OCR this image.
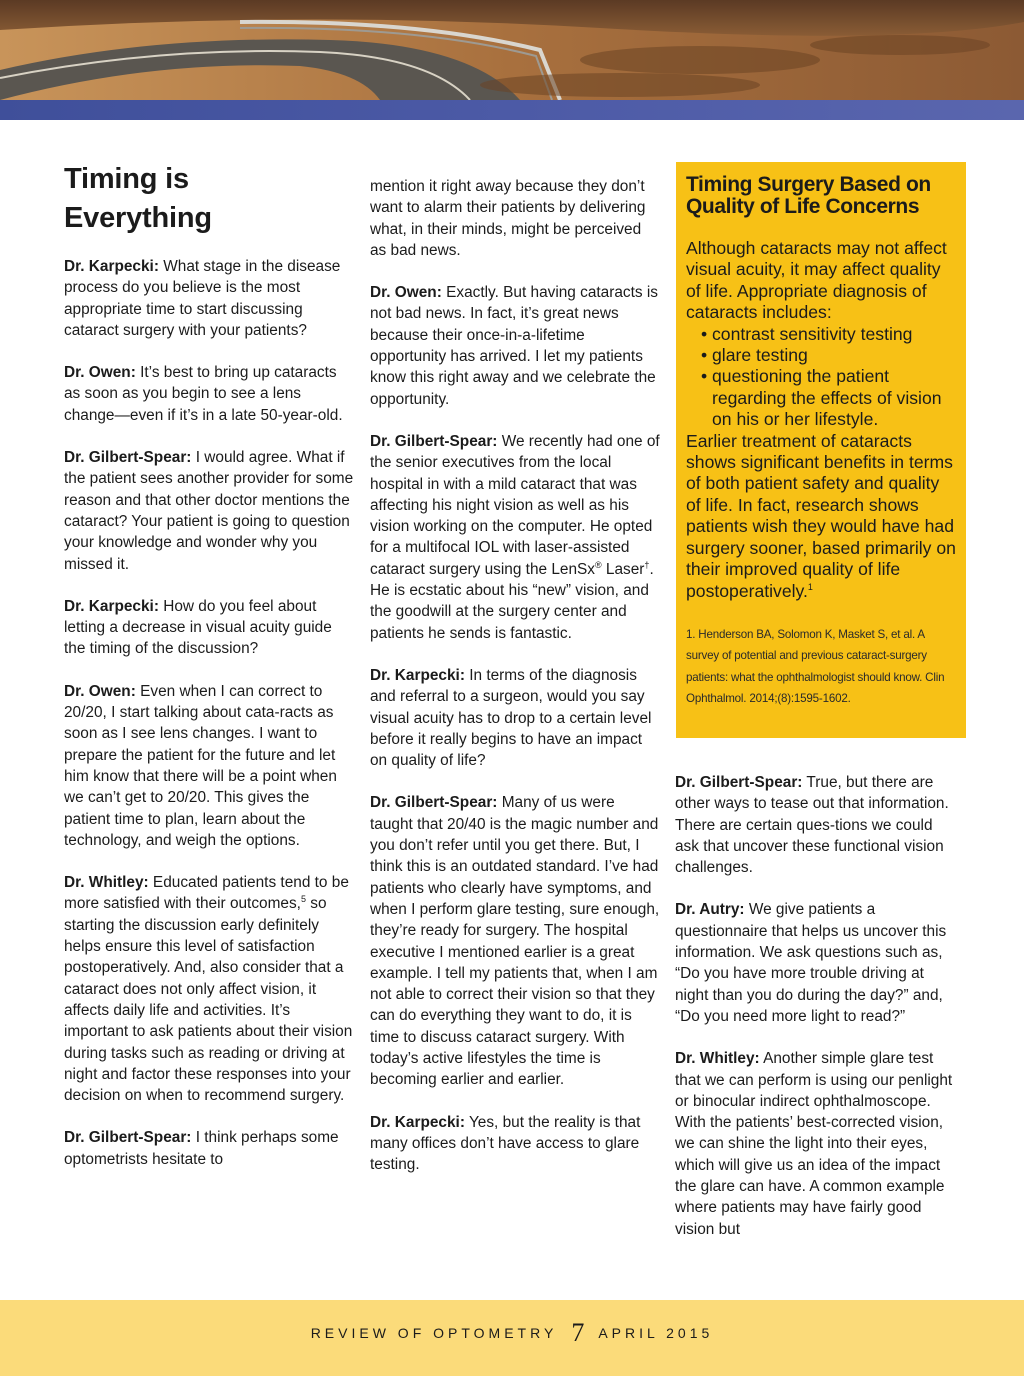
Timing is
Everything

Dr. Karpecki: What stage in the disease process do you believe is the most appropriate time to start discussing cataract surgery with your patients?

Dr. Owen: It’s best to bring up cataracts as soon as you begin to see a lens change—even if it’s in a late 50-year-old.

Dr. Gilbert-Spear: I would agree. What if the patient sees another provider for some reason and that other doctor mentions the cataract? Your patient is going to question your knowledge and wonder why you missed it.

Dr. Karpecki: How do you feel about letting a decrease in visual acuity guide the timing of the discussion?

Dr. Owen: Even when I can correct to 20/20, I start talking about cata-racts as soon as I see lens changes. I want to prepare the patient for the future and let him know that there will be a point when we can’t get to 20/20. This gives the patient time to plan, learn about the technology, and weigh the options.

Dr. Whitley: Educated patients tend to be more satisfied with their outcomes,$^5$ so starting the discussion early definitely helps ensure this level of satisfaction postoperatively. And, also consider that a cataract does not only affect vision, it affects daily life and activities. It’s important to ask patients about their vision during tasks such as reading or driving at night and factor these responses into your decision on when to recommend surgery.

Dr. Gilbert-Spear: I think perhaps some optometrists hesitate to

mention it right away because they don’t want to alarm their patients by delivering what, in their minds, might be perceived as bad news.

Dr. Owen: Exactly. But having cataracts is not bad news. In fact, it’s great news because their once-in-a-lifetime opportunity has arrived. I let my patients know this right away and we celebrate the opportunity.

Dr. Gilbert-Spear: We recently had one of the senior executives from the local hospital in with a mild cataract that was affecting his night vision as well as his vision working on the computer. He opted for a multifocal IOL with laser-assisted cataract surgery using the LenSx® Laser†. He is ecstatic about his “new” vision, and the goodwill at the surgery center and patients he sends is fantastic.

Dr. Karpecki: In terms of the diagnosis and referral to a surgeon, would you say visual acuity has to drop to a certain level before it really begins to have an impact on quality of life?

Dr. Gilbert-Spear: Many of us were taught that 20/40 is the magic number and you don’t refer until you get there. But, I think this is an outdated standard. I’ve had patients who clearly have symptoms, and when I perform glare testing, sure enough, they’re ready for surgery. The hospital executive I mentioned earlier is a great example. I tell my patients that, when I am not able to correct their vision so that they can do everything they want to do, it is time to discuss cataract surgery. With today’s active lifestyles the time is becoming earlier and earlier.

Dr. Karpecki: Yes, but the reality is that many offices don’t have access to glare testing.

Timing Surgery Based on Quality of Life Concerns
Although cataracts may not affect visual acuity, it may affect quality of life. Appropriate diagnosis of cataracts includes:
• contrast sensitivity testing
• glare testing
• questioning the patient regarding the effects of vision on his or her lifestyle.
Earlier treatment of cataracts shows significant benefits in terms of both patient safety and quality of life. In fact, research shows patients wish they would have had surgery sooner, based primarily on their improved quality of life postoperatively.$^1$
1. Henderson BA, Solomon K, Masket S, et al. A survey of potential and previous cataract-surgery patients: what the ophthalmologist should know. Clin Ophthalmol. 2014;(8):1595-1602.

Dr. Gilbert-Spear: True, but there are other ways to tease out that information. There are certain ques-tions we could ask that uncover these functional vision challenges.

Dr. Autry: We give patients a questionnaire that helps us uncover this information. We ask questions such as, “Do you have more trouble driving at night than you do during the day?” and, “Do you need more light to read?”

Dr. Whitley: Another simple glare test that we can perform is using our penlight or binocular indirect ophthalmoscope. With the patients’ best-corrected vision, we can shine the light into their eyes, which will give us an idea of the impact the glare can have. A common example where patients may have fairly good vision but

REVIEW OF OPTOMETRY 7 APRIL 2015
